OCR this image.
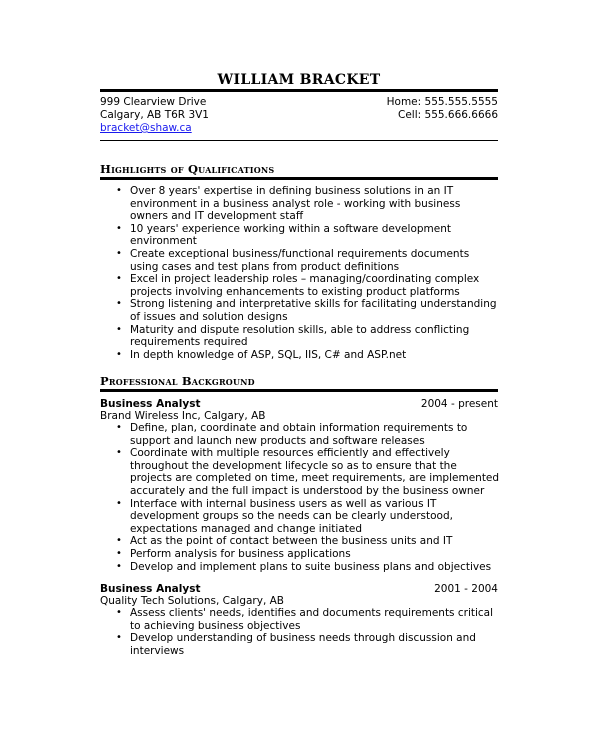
WILLIAM BRACKET
999 Clearview Drive
Calgary, AB T6R 3V1
bracket@shaw.ca
Home: 555.555.5555
Cell: 555.666.6666
Highlights of Qualifications
• Over 8 years' expertise in defining business solutions in an IT environment in a business analyst role - working with business owners and IT development staff
• 10 years' experience working within a software development environment
• Create exceptional business/functional requirements documents using cases and test plans from product definitions
• Excel in project leadership roles – managing/coordinating complex projects involving enhancements to existing product platforms
• Strong listening and interpretative skills for facilitating understanding of issues and solution designs
• Maturity and dispute resolution skills, able to address conflicting requirements required
• In depth knowledge of ASP, SQL, IIS, C# and ASP.net
Professional Background
Business Analyst	2004 - present
Brand Wireless Inc, Calgary, AB
• Define, plan, coordinate and obtain information requirements to support and launch new products and software releases
• Coordinate with multiple resources efficiently and effectively throughout the development lifecycle so as to ensure that the projects are completed on time, meet requirements, are implemented accurately and the full impact is understood by the business owner
• Interface with internal business users as well as various IT development groups so the needs can be clearly understood, expectations managed and change initiated
• Act as the point of contact between the business units and IT
• Perform analysis for business applications
• Develop and implement plans to suite business plans and objectives
Business Analyst	2001 - 2004
Quality Tech Solutions, Calgary, AB
• Assess clients' needs, identifies and documents requirements critical to achieving business objectives
• Develop understanding of business needs through discussion and interviews
